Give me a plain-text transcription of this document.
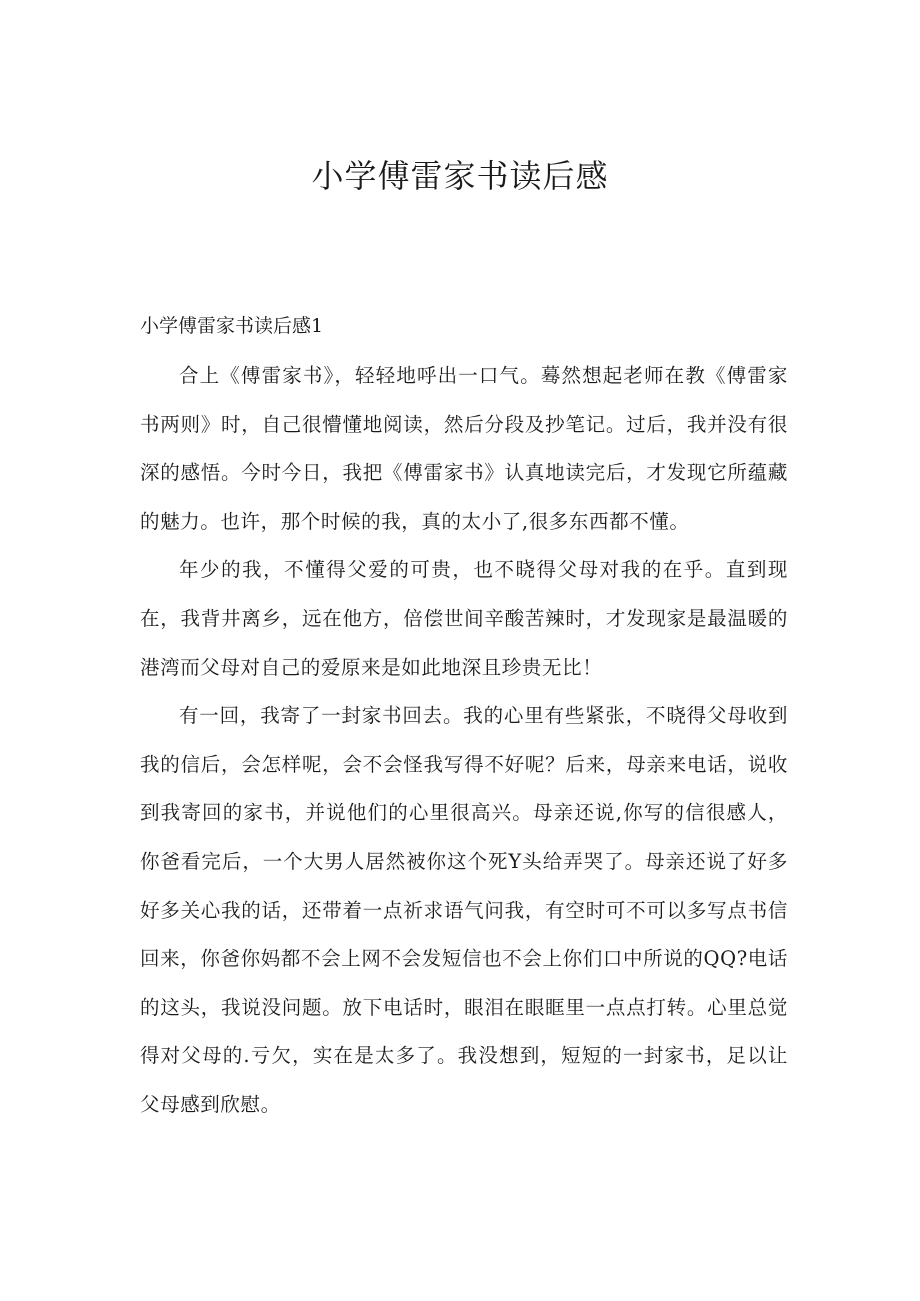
小学傅雷家书读后感

小学傅雷家书读后感1

合上《傅雷家书》，轻轻地呼出一口气。蓦然想起老师在教《傅雷家书两则》时，自己很懵懂地阅读，然后分段及抄笔记。过后，我并没有很深的感悟。今时今日，我把《傅雷家书》认真地读完后，才发现它所蕴藏的魅力。也许，那个时候的我，真的太小了,很多东西都不懂。

年少的我，不懂得父爱的可贵，也不晓得父母对我的在乎。直到现在，我背井离乡，远在他方，倍偿世间辛酸苦辣时，才发现家是最温暖的港湾而父母对自己的爱原来是如此地深且珍贵无比！

有一回，我寄了一封家书回去。我的心里有些紧张，不晓得父母收到我的信后，会怎样呢，会不会怪我写得不好呢？后来，母亲来电话，说收到我寄回的家书，并说他们的心里很高兴。母亲还说,你写的信很感人，你爸看完后，一个大男人居然被你这个死Y头给弄哭了。母亲还说了好多好多关心我的话，还带着一点祈求语气问我，有空时可不可以多写点书信回来，你爸你妈都不会上网不会发短信也不会上你们口中所说的QQ?电话的这头，我说没问题。放下电话时，眼泪在眼眶里一点点打转。心里总觉得对父母的.亏欠，实在是太多了。我没想到，短短的一封家书，足以让父母感到欣慰。
